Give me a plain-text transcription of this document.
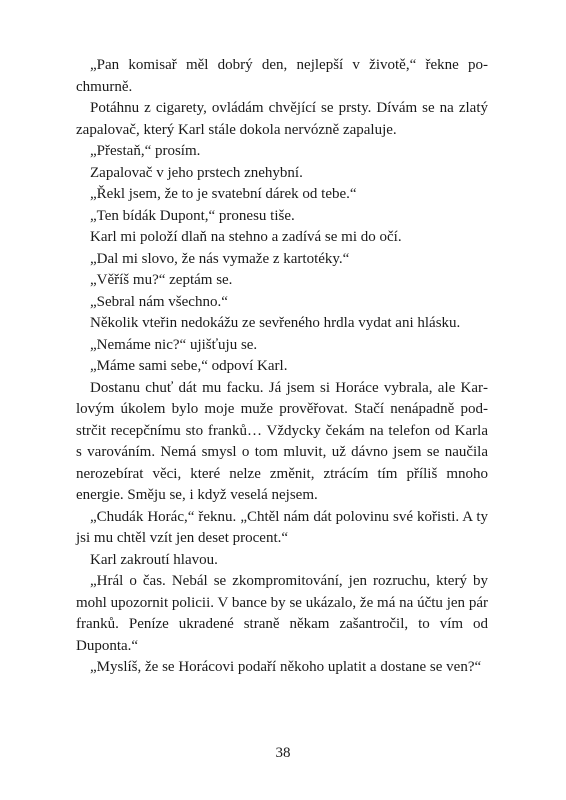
„Pan komisař měl dobrý den, nejlepší v životě,“ řekne pochmurně.

Potáhnu z cigarety, ovládám chvějící se prsty. Dívám se na zlatý zapalovač, který Karl stále dokola nervózně zapaluje.

„Přestaň,“ prosím.

Zapalovač v jeho prstech znehybní.

„Řekl jsem, že to je svatební dárek od tebe.“

„Ten bídák Dupont,“ pronesu tiše.

Karl mi položí dlaň na stehno a zadívá se mi do očí.

„Dal mi slovo, že nás vymaže z kartotéky.“

„Věříš mu?“ zeptám se.

„Sebral nám všechno.“

Několik vteřin nedokážu ze sevřeného hrdla vydat ani hlásku.

„Nemáme nic?“ ujišťuju se.

„Máme sami sebe,“ odpoví Karl.

Dostanu chuť dát mu facku. Já jsem si Horáce vybrala, ale Karlovým úkolem bylo moje muže prověřovat. Stačí nenápadně podstrčit recepčnímu sto franků… Vždycky čekám na telefon od Karla s varováním. Nemá smysl o tom mluvit, už dávno jsem se naučila nerozebírat věci, které nelze změnit, ztrácím tím příliš mnoho energie. Směju se, i když veselá nejsem.

„Chudák Horác,“ řeknu. „Chtěl nám dát polovinu své kořisti. A ty jsi mu chtěl vzít jen deset procent.“

Karl zakroutí hlavou.

„Hrál o čas. Nebál se zkompromitování, jen rozruchu, který by mohl upozornit policii. V bance by se ukázalo, že má na účtu jen pár franků. Peníze ukradené straně někam zašantročil, to vím od Duponta.“

„Myslíš, že se Horácovi podaří někoho uplatit a dostane se ven?“

38
